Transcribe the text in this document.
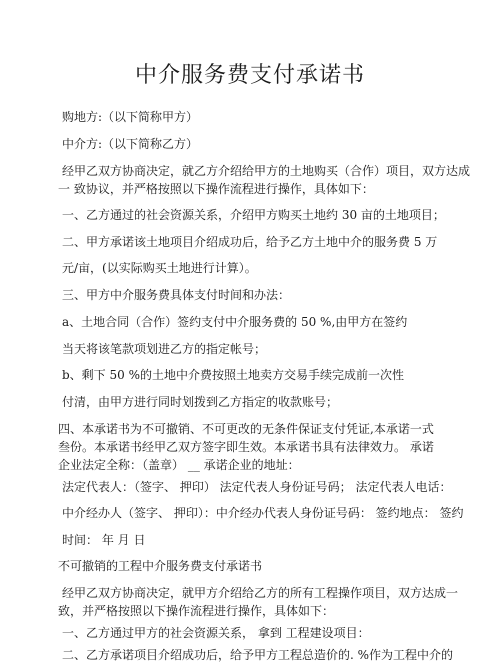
中介服务费支付承诺书
购地方:（以下简称甲方）
中介方:（以下简称乙方）
经甲乙双方协商决定，就乙方介绍给甲方的土地购买（合作）项目，双方达成
一 致协议，并严格按照以下操作流程进行操作，具体如下：
一、乙方通过的社会资源关系，介绍甲方购买土地约 30 亩的土地项目；
二、甲方承诺该土地项目介绍成功后，给予乙方土地中介的服务费 5 万
元/亩，(以实际购买土地进行计算）。
三、甲方中介服务费具体支付时间和办法：
a、土地合同（合作）签约支付中介服务费的 50 %,由甲方在签约
当天将该笔款项划进乙方的指定帐号；
b、剩下 50 %的土地中介费按照土地卖方交易手续完成前一次性
付清，由甲方进行同时划拨到乙方指定的收款账号；
四、本承诺书为不可撤销、不可更改的无条件保证支付凭证,本承诺一式叁份。本承诺书经甲乙双方签字即生效。本承诺书具有法律效力。 承诺企业法定全称：（盖章） __ 承诺企业的地址：
法定代表人：（签字、 押印） 法定代表人身份证号码； 法定代表人电话：
中介经办人（签字、 押印）：中介经办代表人身份证号码： 签约地点： 签约
时间： 年 月 日
不可撤销的工程中介服务费支付承诺书
经甲乙双方协商决定，就甲方介绍给乙方的所有工程操作项目，双方达成一
致，并严格按照以下操作流程进行操作，具体如下：
一、乙方通过甲方的社会资源关系， 拿到 工程建设项目：
二、乙方承诺项目介绍成功后，给予甲方工程总造价的. %作为工程中介的
